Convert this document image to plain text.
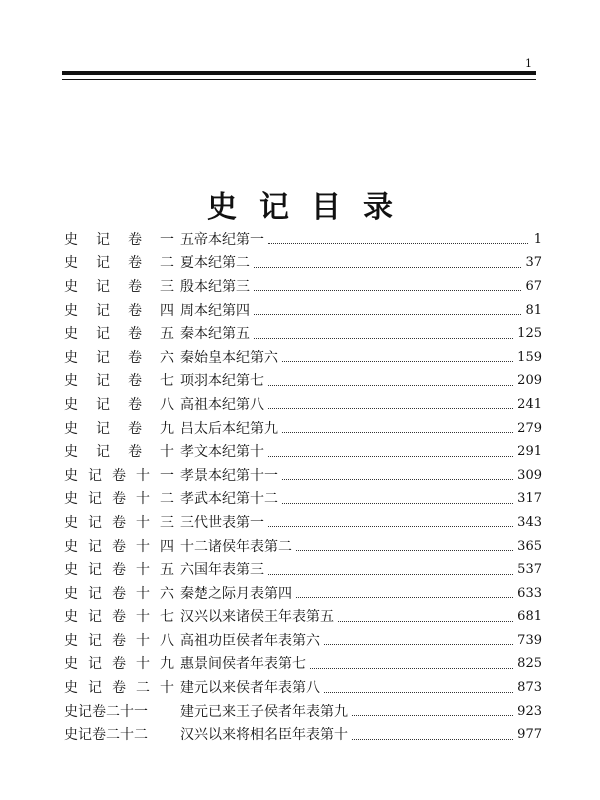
1
史记目录
史 记 卷 一 五帝本纪第一	1
史 记 卷 二 夏本纪第二	37
史 记 卷 三 殷本纪第三	67
史 记 卷 四 周本纪第四	81
史 记 卷 五 秦本纪第五	125
史 记 卷 六 秦始皇本纪第六	159
史 记 卷 七 项羽本纪第七	209
史 记 卷 八 高祖本纪第八	241
史 记 卷 九 吕太后本纪第九	279
史 记 卷 十 孝文本纪第十	291
史 记 卷 十 一 孝景本纪第十一	309
史 记 卷 十 二 孝武本纪第十二	317
史 记 卷 十 三 三代世表第一	343
史 记 卷 十 四 十二诸侯年表第二	365
史 记 卷 十 五 六国年表第三	537
史 记 卷 十 六 秦楚之际月表第四	633
史 记 卷 十 七 汉兴以来诸侯王年表第五	681
史 记 卷 十 八 高祖功臣侯者年表第六	739
史 记 卷 十 九 惠景间侯者年表第七	825
史 记 卷 二 十 建元以来侯者年表第八	873
史 记 卷 二 十 一 建元已来王子侯者年表第九	923
史 记 卷 二 十 二 汉兴以来将相名臣年表第十	977
